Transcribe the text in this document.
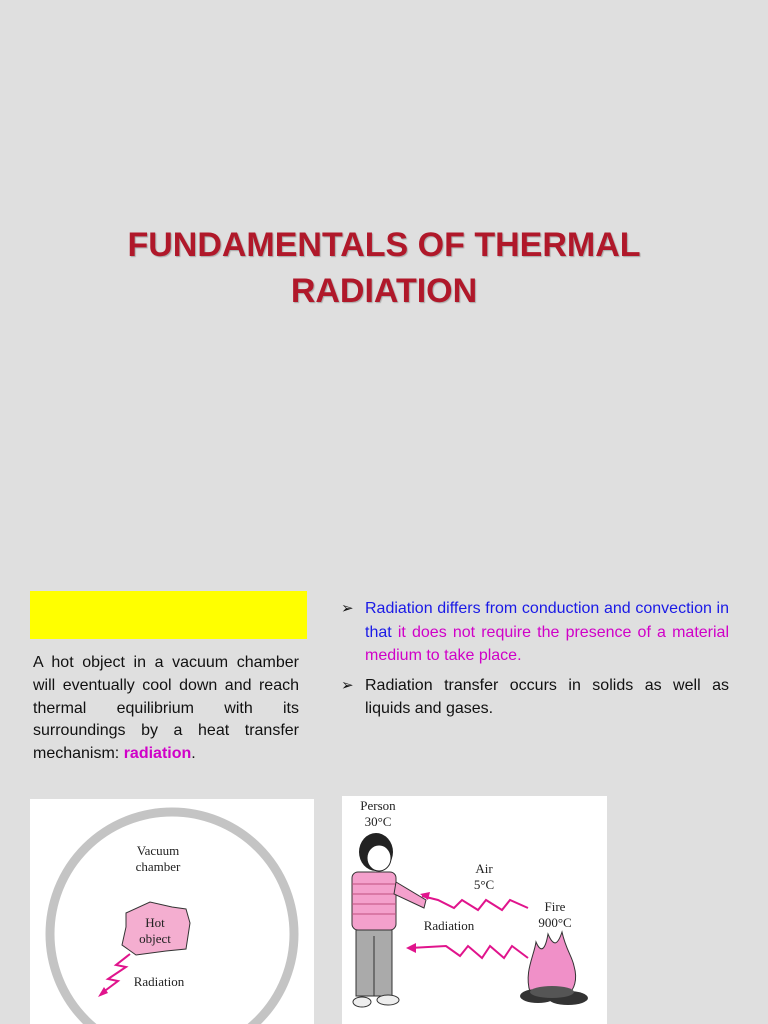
FUNDAMENTALS OF THERMAL
RADIATION
A hot object in a vacuum chamber will eventually cool down and reach thermal equilibrium with its surroundings by a heat transfer mechanism: radiation.
➢ Radiation differs from conduction and convection in that it does not require the presence of a material medium to take place.
➢ Radiation transfer occurs in solids as well as liquids and gases.
Vacuum
chamber
Hot
object
Radiation
Person
30°C
Air
5°C
Fire
900°C
Radiation
